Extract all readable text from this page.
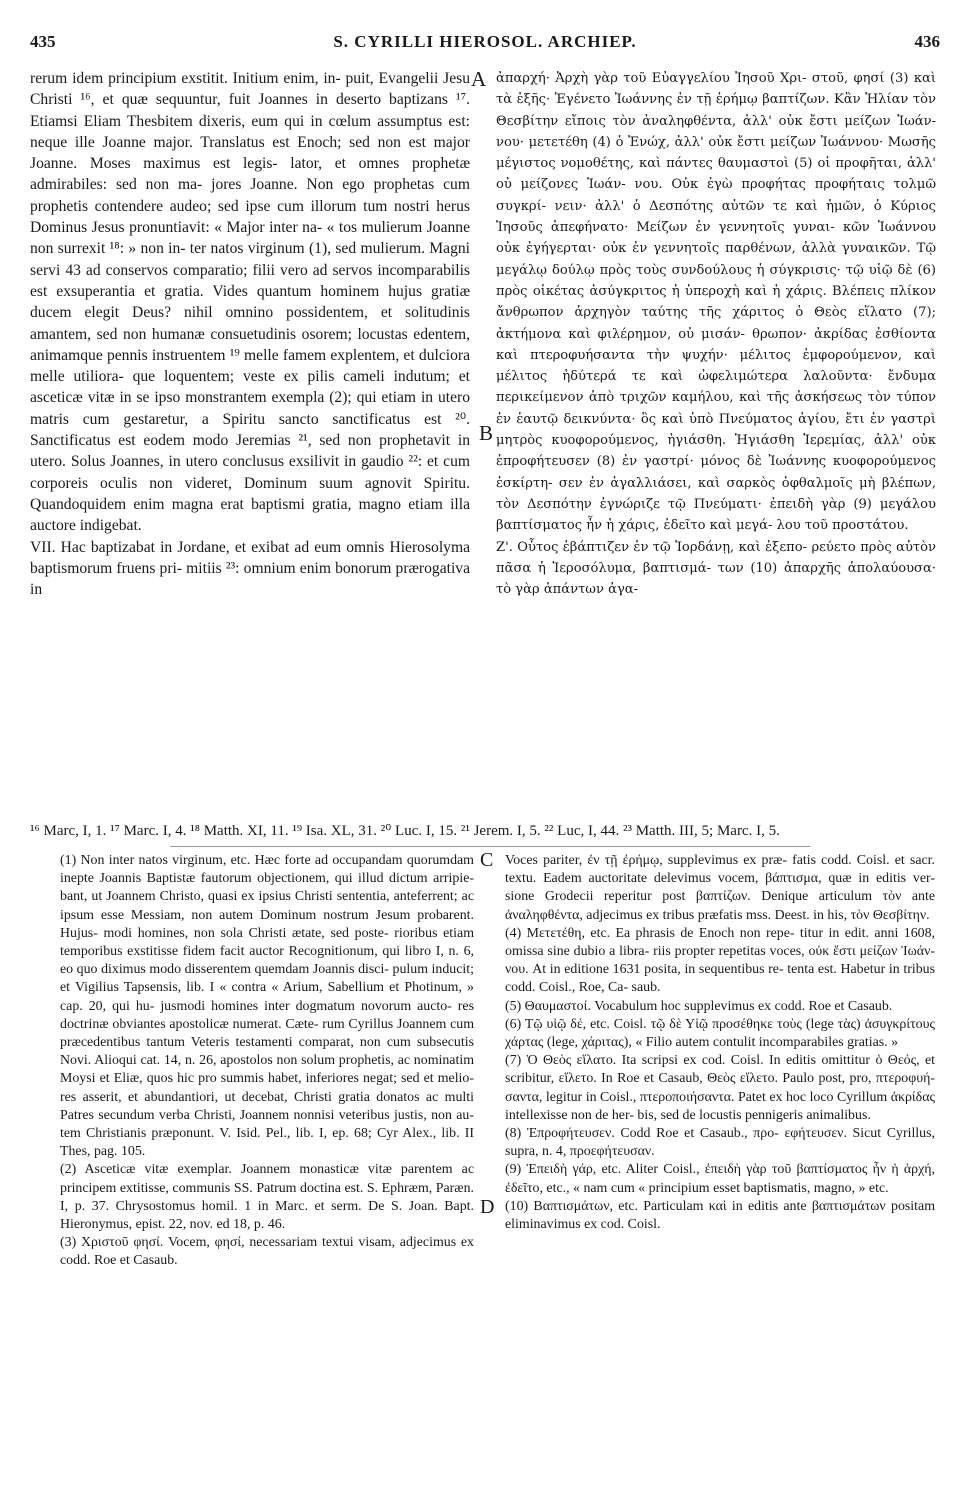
435	S. CYRILLI HIEROSOL. ARCHIEP.	436

rerum idem principium exstitit. Initium enim, in- puit, Evangelii Jesu Christi ¹⁶, et quæ sequuntur, fuit Joannes in deserto baptizans ¹⁷. Etiamsi Eliam Thesbitem dixeris, eum qui in cœlum assumptus est: neque ille Joanne major. Translatus est Enoch; sed non est major Joanne. Moses maximus est legis- lator, et omnes prophetæ admirabiles: sed non ma- jores Joanne. Non ego prophetas cum prophetis contendere audeo; sed ipse cum illorum tum nostri herus Dominus Jesus pronuntiavit: « Major inter na- « tos mulierum Joanne non surrexit ¹⁸: » non in- ter natos virginum (1), sed mulierum. Magni servi 43 ad conservos comparatio; filii vero ad servos incomparabilis est exsuperantia et gratia. Vides quantum hominem hujus gratiæ ducem elegit Deus? nihil omnino possidentem, et solitudinis amantem, sed non humanæ consuetudinis osorem; locustas edentem, animamque pennis instruentem ¹⁹ melle famem explentem, et dulciora melle utiliora- que loquentem; veste ex pilis cameli indutum; et asceticæ vitæ in se ipso monstrantem exempla (2); qui etiam in utero matris cum gestaretur, a Spiritu sancto sanctificatus est ²⁰. Sanctificatus est eodem modo Jeremias ²¹, sed non prophetavit in utero. Solus Joannes, in utero conclusus exsilivit in gaudio ²²: et cum corporeis oculis non videret, Dominum suum agnovit Spiritu. Quandoquidem enim magna erat baptismi gratia, magno etiam illa auctore indigebat.

VII. Hac baptizabat in Jordane, et exibat ad eum omnis Hierosolyma baptismorum fruens pri- mitiis ²³: omnium enim bonorum prærogativa in

A
B

ἀπαρχή· Ἀρχὴ γὰρ τοῦ Εὐαγγελίου Ἰησοῦ Χρι- στοῦ, φησί (3) καὶ τὰ ἑξῆς· Ἐγένετο Ἰωάννης ἐν τῇ ἐρήμῳ βαπτίζων. Κἂν Ἠλίαν τὸν Θεσβίτην εἴποις τὸν ἀναληφθέντα, ἀλλ' οὐκ ἔστι μείζων Ἰωάν- νου· μετετέθη (4) ὁ Ἐνώχ, ἀλλ' οὐκ ἔστι μείζων Ἰωάννου· Μωσῆς μέγιστος νομοθέτης, καὶ πάντες θαυμαστοὶ (5) οἱ προφῆται, ἀλλ' οὐ μείζονες Ἰωάν- νου. Οὐκ ἐγὼ προφήτας προφήταις τολμῶ συγκρί- νειν· ἀλλ' ὁ Δεσπότης αὐτῶν τε καὶ ἡμῶν, ὁ Κύριος Ἰησοῦς ἀπεφήνατο· Μείζων ἐν γεννητοῖς γυναι- κῶν Ἰωάννου οὐκ ἐγήγερται· οὐκ ἐν γεννητοῖς παρθένων, ἀλλὰ γυναικῶν. Τῷ μεγάλῳ δούλῳ πρὸς τοὺς συνδούλους ἡ σύγκρισις· τῷ υἱῷ δὲ (6) πρὸς οἰκέτας ἀσύγκριτος ἡ ὑπεροχὴ καὶ ἡ χάρις. Βλέπεις πλίκον ἄνθρωπον ἀρχηγὸν ταύτης τῆς χάριτος ὁ Θεὸς εἵλατο (7); ἀκτήμονα καὶ φιλέρημον, οὐ μισάν- θρωπον· ἀκρίδας ἐσθίοντα καὶ πτεροφυήσαντα τὴν ψυχήν· μέλιτος ἐμφορούμενον, καὶ μέλιτος ἡδύτερά τε καὶ ὠφελιμώτερα λαλοῦντα· ἔνδυμα περικείμενον ἀπὸ τριχῶν καμήλου, καὶ τῆς ἀσκήσεως τὸν τύπον ἐν ἑαυτῷ δεικνύντα· ὃς καὶ ὑπὸ Πνεύματος ἁγίου, ἔτι ἐν γαστρὶ μητρὸς κυοφορούμενος, ἡγιάσθη. Ἡγιάσθη Ἱερεμίας, ἀλλ' οὐκ ἐπροφήτευσεν (8) ἐν γαστρί· μόνος δὲ Ἰωάννης κυοφορούμενος ἐσκίρτη- σεν ἐν ἀγαλλιάσει, καὶ σαρκὸς ὀφθαλμοῖς μὴ βλέπων, τὸν Δεσπότην ἐγνώριζε τῷ Πνεύματι· ἐπειδὴ γὰρ (9) μεγάλου βαπτίσματος ἦν ἡ χάρις, ἐδεῖτο καὶ μεγά- λου τοῦ προστάτου.

Ζ'. Οὗτος ἐβάπτιζεν ἐν τῷ Ἰορδάνῃ, καὶ ἐξεπο- ρεύετο πρὸς αὐτὸν πᾶσα ἡ Ἱεροσόλυμα, βαπτισμά- των (10) ἀπαρχῆς ἀπολαύουσα· τὸ γὰρ ἁπάντων ἀγα-

¹⁶ Marc, I, 1. ¹⁷ Marc. I, 4. ¹⁸ Matth. XI, 11. ¹⁹ Isa. XL, 31. ²⁰ Luc. I, 15. ²¹ Jerem. I, 5. ²² Luc, I, 44. ²³ Matth. III, 5; Marc. I, 5.

(1) Non inter natos virginum, etc. Hæc forte ad occupandam quorumdam inepte Joannis Baptistæ fautorum objectionem, qui illud dictum arripie- bant, ut Joannem Christo, quasi ex ipsius Christi sententia, anteferrent; ac ipsum esse Messiam, non autem Dominum nostrum Jesum probarent. Hujus- modi homines, non sola Christi ætate, sed poste- rioribus etiam temporibus exstitisse fidem facit auctor Recognitionum, qui libro I, n. 6, eo quo diximus modo disserentem quemdam Joannis disci- pulum inducit; et Vigilius Tapsensis, lib. I « contra « Arium, Sabellium et Photinum, » cap. 20, qui hu- jusmodi homines inter dogmatum novorum aucto- res doctrinæ obviantes apostolicæ numerat. Cæte- rum Cyrillus Joannem cum præcedentibus tantum Veteris testamenti comparat, non cum subsecutis Novi. Alioqui cat. 14, n. 26, apostolos non solum prophetis, ac nominatim Moysi et Eliæ, quos hic pro summis habet, inferiores negat; sed et melio- res asserit, et abundantiori, ut decebat, Christi gratia donatos ac multi Patres secundum verba Christi, Joannem nonnisi veteribus justis, non au- tem Christianis præponunt. V. Isid. Pel., lib. I, ep. 68; Cyr Alex., lib. II Thes, pag. 105.

(2) Asceticæ vitæ exemplar. Joannem monasticæ vitæ parentem ac principem extitisse, communis SS. Patrum doctina est. S. Ephræm, Paræn. I, p. 37. Chrysostomus homil. 1 in Marc. et serm. De S. Joan. Bapt. Hieronymus, epist. 22, nov. ed 18, p. 46.

(3) Χριστοῦ φησί. Vocem, φησί, necessariam textui visam, adjecimus ex codd. Roe et Casaub.

C
D

Voces pariter, ἐν τῇ ἐρήμῳ, supplevimus ex præ- fatis codd. Coisl. et sacr. textu. Eadem auctoritate delevimus vocem, βάπτισμα, quæ in editis ver- sione Grodecii reperitur post βαπτίζων. Denique articulum τὸν ante ἀναληφθέντα, adjecimus ex tribus præfatis mss. Deest. in his, τὸν Θεσβίτην.

(4) Μετετέθη, etc. Ea phrasis de Enoch non repe- titur in edit. anni 1608, omissa sine dubio a libra- riis propter repetitas voces, οὐκ ἔστι μείζων Ἰωάν- νου. At in editione 1631 posita, in sequentibus re- tenta est. Habetur in tribus codd. Coisl., Roe, Ca- saub.

(5) Θαυμαστοί. Vocabulum hoc supplevimus ex codd. Roe et Casaub.

(6) Τῷ υἱῷ δέ, etc. Coisl. τῷ δὲ Υἱῷ προσέθηκε τοὺς (lege τὰς) ἀσυγκρίτους χάρτας (lege, χάριτας), « Filio autem contulit incomparabiles gratias. »

(7) Ὁ Θεὸς εἵλατο. Ita scripsi ex cod. Coisl. In editis omittitur ὁ Θεός, et scribitur, εἵλετο. In Roe et Casaub, Θεὸς εἵλετο. Paulo post, pro, πτεροφυή- σαντα, legitur in Coisl., πτεροποιήσαντα. Patet ex hoc loco Cyrillum ἀκρίδας intellexisse non de her- bis, sed de locustis pennigeris animalibus.

(8) Ἐπροφήτευσεν. Codd Roe et Casaub., προ- εφήτευσεν. Sicut Cyrillus, supra, n. 4, προεφήτευσαν.

(9) Ἐπειδὴ γάρ, etc. Aliter Coisl., ἐπειδὴ γὰρ τοῦ βαπτίσματος ἦν ἡ ἀρχή, ἐδεῖτο, etc., « nam cum « principium esset baptismatis, magno, » etc.

(10) Βαπτισμάτων, etc. Particulam καὶ in editis ante βαπτισμάτων positam eliminavimus ex cod. Coisl.
